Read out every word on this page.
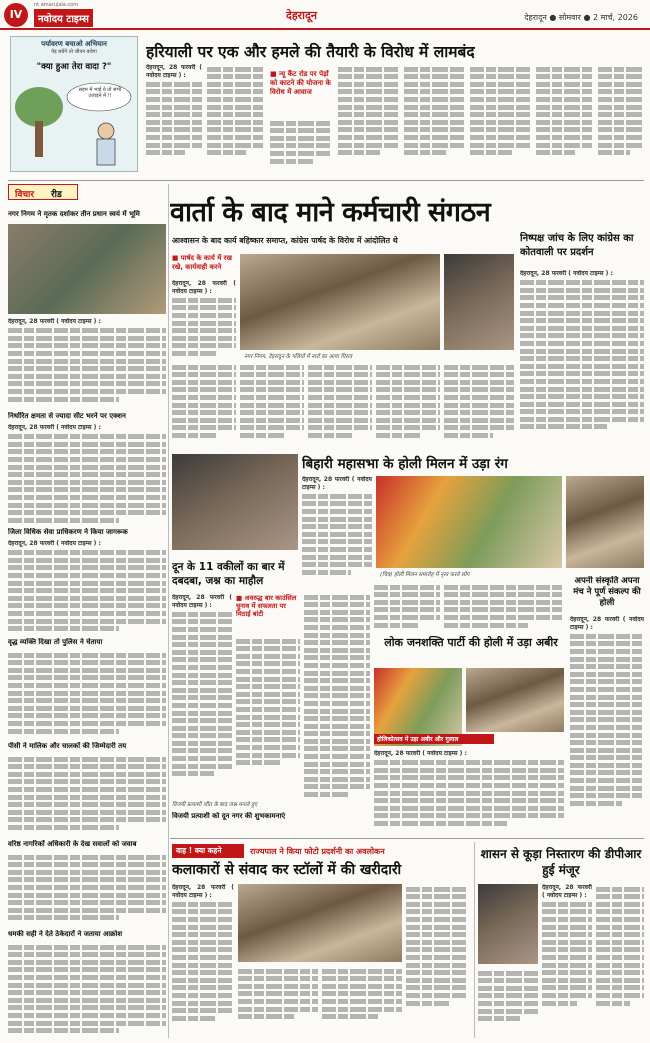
IV
nt.amarujala.com
नवोदय टाइम्स	देहरादून	देहरादून ● सोमवार ● 2 मार्च, 2026
पर्यावरण बचाओ अभियान
पेड़ बचेंगे तो जीवन बचेगा
"क्या हुआ तेरा वादा ?"
सहम में भाई ये तो सभी उजाड़ने में !!
हरियाली पर एक और हमले की तैयारी के विरोध में लामबंद
देहरादून, 28 फरवरी ( नवोदय टाइम्स ) :	■ न्यू कैंट रोड पर पेड़ों को काटने की योजना के विरोध में आवाज
विचार रीड
नगर निगम ने मृतक दर्शाकर तीन प्रधान स्वयं में भूमि	वार्ता के बाद माने कर्मचारी संगठन
आश्वासन के बाद कार्य बहिष्कार समाप्त, कांग्रेस पार्षद के विरोध में आंदोलित थे	निष्पक्ष जांच के लिए कांग्रेस का कोतवाली पर प्रदर्शन
■ पार्षद के कार्य में रख रखे, कार्यवाही करने
देहरादून, 28 फरवरी ( नवोदय टाइम्स ) :
नगर निगम, देहरादून के गलियों में नारों का आया घिराव
देहरादून, 28 फरवरी ( नवोदय टाइम्स ) :
देहरादून, 28 फरवरी ( नवोदय टाइम्स ) :
निर्धारित क्षमता से ज्यादा सीट भरने पर एक्शन
देहरादून, 28 फरवरी ( नवोदय टाइम्स ) :
जिला विधिक सेवा प्राधिकरण ने किया जागरूक
देहरादून, 28 फरवरी ( नवोदय टाइम्स ) :
वृद्ध व्यक्ति दिखा तो पुलिस ने चेताया
पीसी ने मालिक और चालकों की जिम्मेदारी तय
वरिष्ठ नागरिकों अधिकारी के देख सवालों को जवाब
धमकी सही ने देते ठेकेदारों ने जताया आक्रोश
बिहारी महासभा के होली मिलन में उड़ा रंग
देहरादून, 28 फरवरी ( नवोदय टाइम्स ) :
(चित्र) होली मिलन समारोह में नृत्य करते लोग
दून के 11 वकीलों का बार में दबदबा, जश्न का माहौल
देहरादून, 28 फरवरी ( नवोदय टाइम्स ) :
■ अवरुद्ध बार काउंसिल चुनाव में सफलता पर मिठाई बांटी
विजयी प्रत्याशी जीत के बाद जश्न मनाते हुए
विजयी प्रत्याशी को दून नगर की शुभकामनाएं
लोक जनशक्ति पार्टी की होली में उड़ा अबीर
होलिकोत्सव में उड़ा अबीर और गुलाल
देहरादून, 28 फरवरी ( नवोदय टाइम्स ) :
अपनी संस्कृति अपना मंच ने पूर्ण संकल्प की होली
देहरादून, 28 फरवरी ( नवोदय टाइम्स ) :
वाह ! क्या कहने	राज्यपाल ने किया फोटो प्रदर्शनी का अवलोकन
कलाकारों से संवाद कर स्टॉलों में की खरीदारी
देहरादून, 28 फरवरी ( नवोदय टाइम्स ) :
शासन से कूड़ा निस्तारण की डीपीआर हुई मंजूर
देहरादून, 28 फरवरी ( नवोदय टाइम्स ) :
